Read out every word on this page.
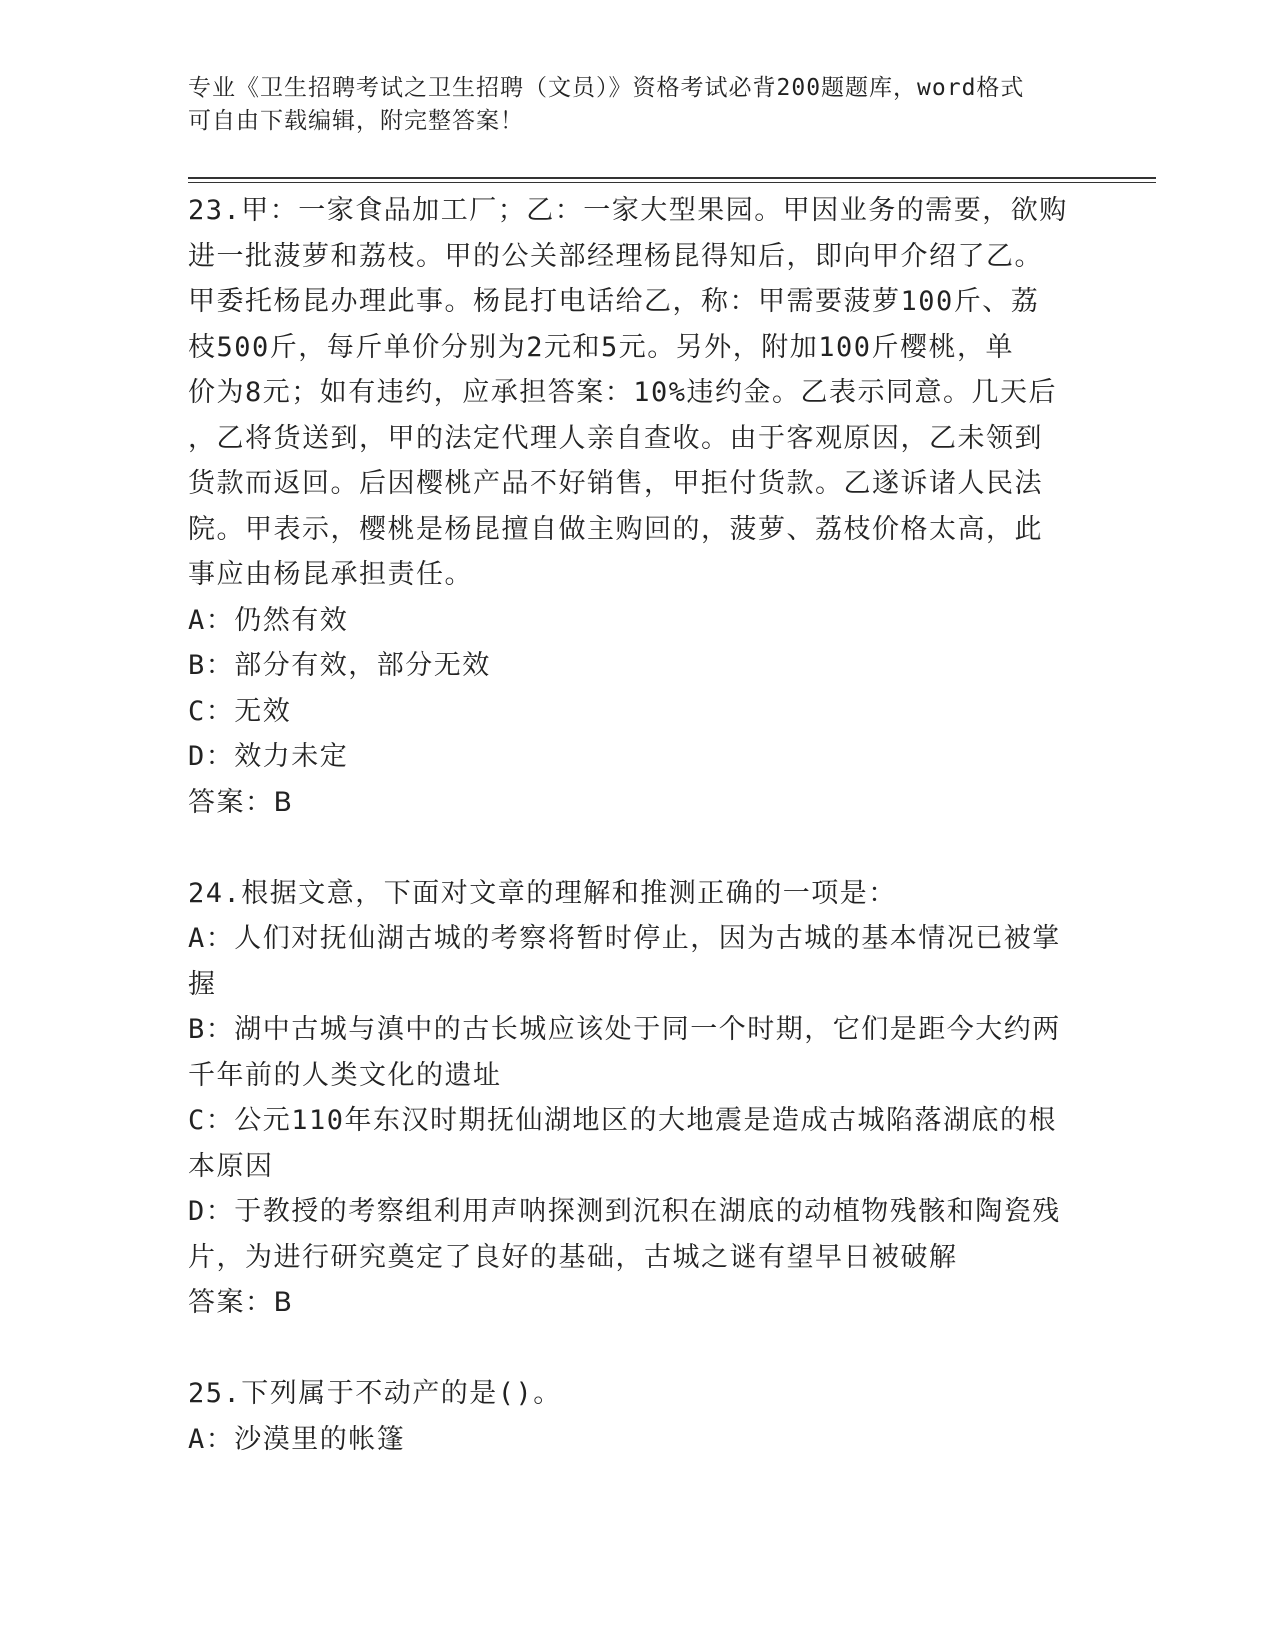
专业《卫生招聘考试之卫生招聘（文员）》资格考试必背200题题库，word格式
可自由下载编辑，附完整答案！
23.甲：一家食品加工厂；乙：一家大型果园。甲因业务的需要，欲购
进一批菠萝和荔枝。甲的公关部经理杨昆得知后，即向甲介绍了乙。
甲委托杨昆办理此事。杨昆打电话给乙，称：甲需要菠萝100斤、荔
枝500斤，每斤单价分别为2元和5元。另外，附加100斤樱桃，单
价为8元；如有违约，应承担答案：10%违约金。乙表示同意。几天后
，乙将货送到，甲的法定代理人亲自查收。由于客观原因，乙未领到
货款而返回。后因樱桃产品不好销售，甲拒付货款。乙遂诉诸人民法
院。甲表示，樱桃是杨昆擅自做主购回的，菠萝、荔枝价格太高，此
事应由杨昆承担责任。
A：仍然有效
B：部分有效，部分无效
C：无效
D：效力未定
答案：B
24.根据文意，下面对文章的理解和推测正确的一项是：
A：人们对抚仙湖古城的考察将暂时停止，因为古城的基本情况已被掌
握
B：湖中古城与滇中的古长城应该处于同一个时期，它们是距今大约两
千年前的人类文化的遗址
C：公元110年东汉时期抚仙湖地区的大地震是造成古城陷落湖底的根
本原因
D：于教授的考察组利用声呐探测到沉积在湖底的动植物残骸和陶瓷残
片，为进行研究奠定了良好的基础，古城之谜有望早日被破解
答案：B
25.下列属于不动产的是()。
A：沙漠里的帐篷
